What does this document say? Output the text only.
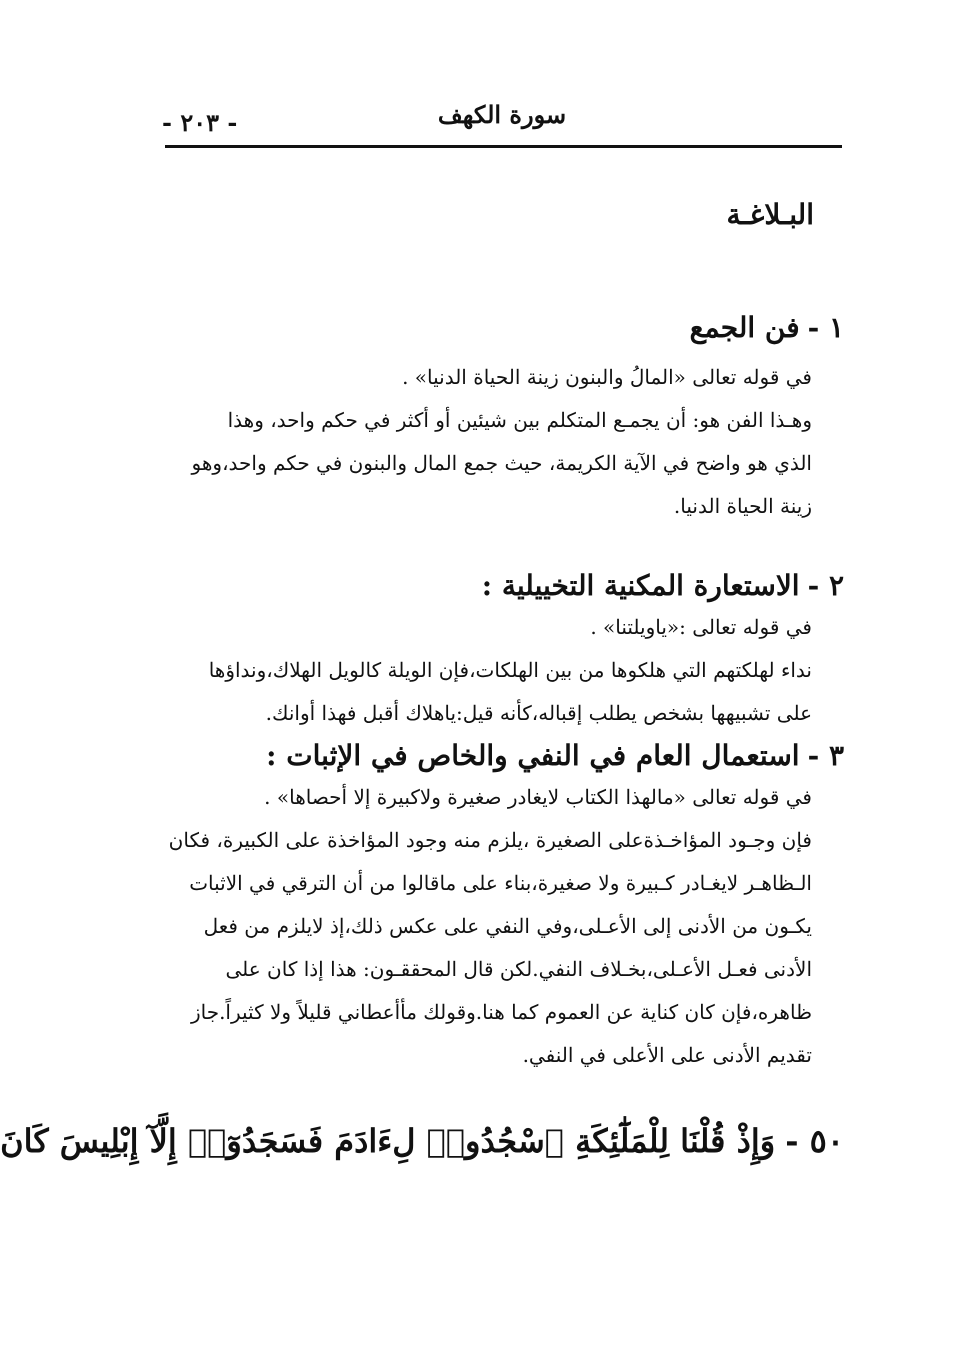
سورة الكهف
- ٢٠٣ -
البـلاغـة
١ -فن الجمع

في قوله تعالى «المالُ والبنون زينة الحياة الدنيا» .

وهـذا الفن هو: أن يجمـع المتكلم بين شيئين أو أكثر في حكم واحد، وهذا

الذي هو واضح في الآية الكريمة، حيث جمع المال والبنون في حكم واحد،وهو

زينة الحياة الدنيا.

٢ -الاستعارة المكنية التخييلية :

في قوله تعالى :«ياويلتنا» .

نداء لهلكتهم التي هلكوها من بين الهلكات،فإن الويلة كالويل الهلاك،ونداؤها

على تشبيهها بشخص يطلب إقباله،كأنه قيل:ياهلاك أقبل فهذا أوانك.

٣ -استعمال العام في النفي والخاص في الإثبات :

في قوله تعالى «مالهذا الكتاب لايغادر صغيرة ولاكبيرة إلا أحصاها» .

فإن وجـود المؤاخـذةعلى الصغيرة ،يلزم منه وجود المؤاخذة على الكبيرة، فكان

الـظاهـر لايغـادر كـبيرة ولا صغيرة،بناء على ماقالوا من أن الترقي في الاثبات

يكـون من الأدنى إلى الأعـلى،وفي النفي على عكس ذلك،إذ لايلزم من فعل

الأدنى فعـل الأعـلى،بخـلاف النفي.لكن قال المحققـون: هذا إذا كان على

ظاهره،فإن كان كناية عن العموم كما هنا.وقولك مأأعطاني قليلاً ولا كثيراً.جاز

تقديم الأدنى على الأعلى في النفي.

٥٠ -وَإِذْ قُلْنَا لِلْمَلَٰٓئِكَةِ ٱسْجُدُوا۟ لِءَادَمَ فَسَجَدُوٓا۟ إِلَّآ إِبْلِيسَ كَانَ
